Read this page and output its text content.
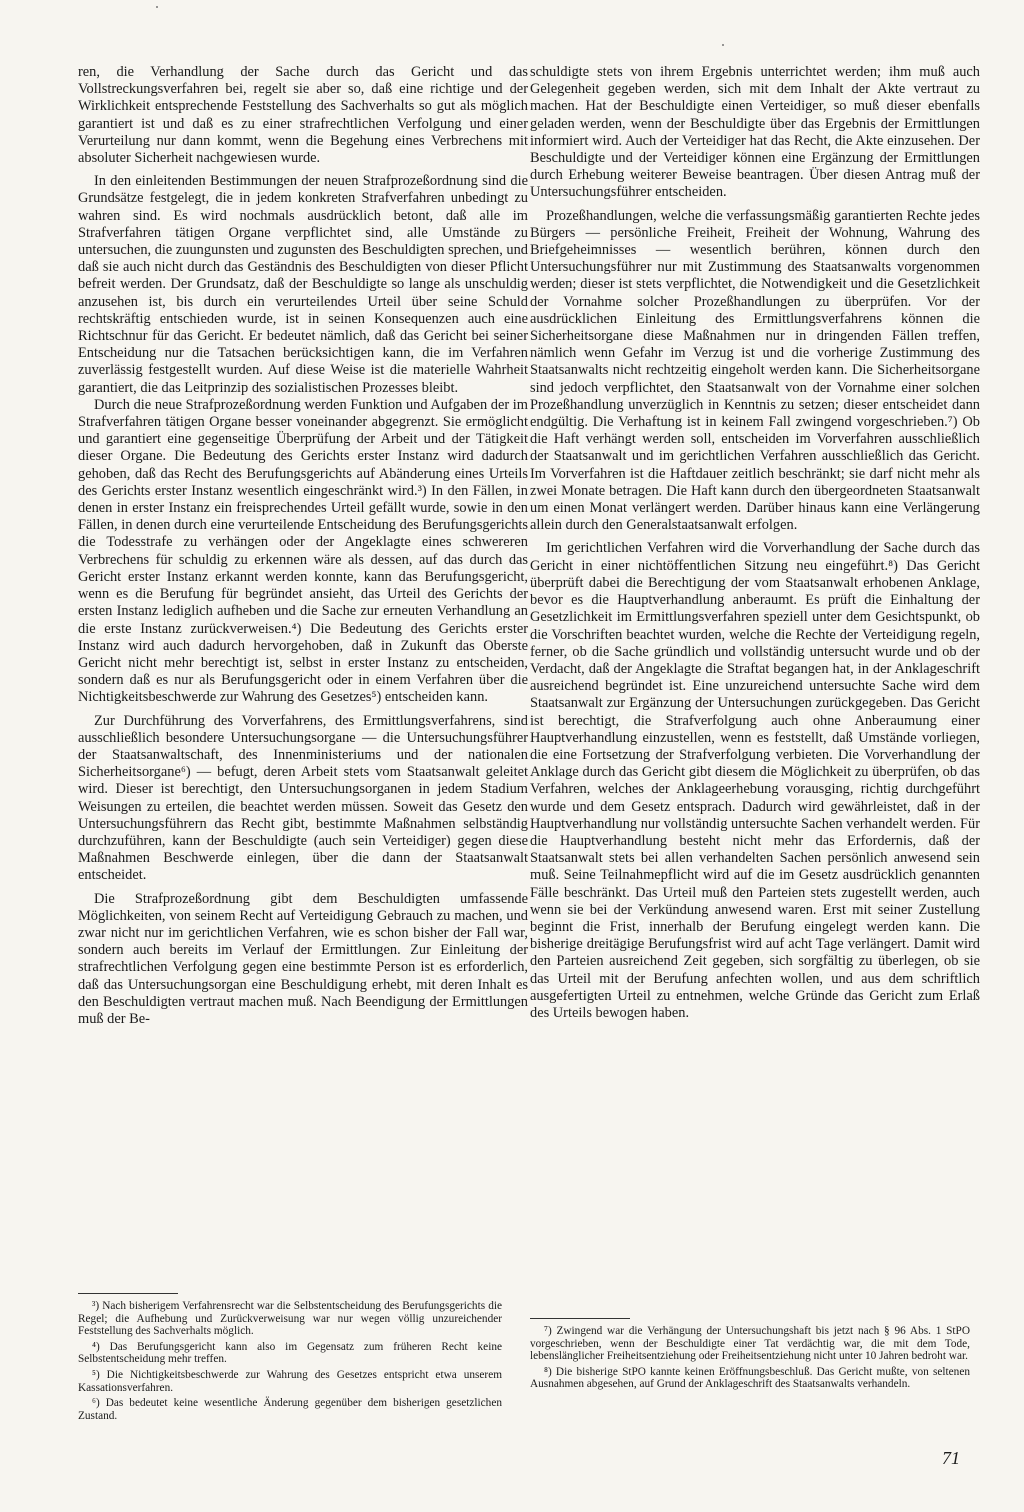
ren, die Verhandlung der Sache durch das Gericht und das Vollstreckungsverfahren bei, regelt sie aber so, daß eine richtige und der Wirklichkeit entsprechende Feststellung des Sachverhalts so gut als möglich garantiert ist und daß es zu einer strafrechtlichen Verfolgung und einer Verurteilung nur dann kommt, wenn die Begehung eines Verbrechens mit absoluter Sicherheit nachgewiesen wurde.

In den einleitenden Bestimmungen der neuen Strafprozeßordnung sind die Grundsätze festgelegt, die in jedem konkreten Strafverfahren unbedingt zu wahren sind. Es wird nochmals ausdrücklich betont, daß alle im Strafverfahren tätigen Organe verpflichtet sind, alle Umstände zu untersuchen, die zuungunsten und zugunsten des Beschuldigten sprechen, und daß sie auch nicht durch das Geständnis des Beschuldigten von dieser Pflicht befreit werden. Der Grundsatz, daß der Beschuldigte so lange als unschuldig anzusehen ist, bis durch ein verurteilendes Urteil über seine Schuld rechtskräftig entschieden wurde, ist in seinen Konsequenzen auch eine Richtschnur für das Gericht. Er bedeutet nämlich, daß das Gericht bei seiner Entscheidung nur die Tatsachen berücksichtigen kann, die im Verfahren zuverlässig festgestellt wurden. Auf diese Weise ist die materielle Wahrheit garantiert, die das Leitprinzip des sozialistischen Prozesses bleibt.

Durch die neue Strafprozeßordnung werden Funktion und Aufgaben der im Strafverfahren tätigen Organe besser voneinander abgegrenzt. Sie ermöglicht und garantiert eine gegenseitige Überprüfung der Arbeit und der Tätigkeit dieser Organe. Die Bedeutung des Gerichts erster Instanz wird dadurch gehoben, daß das Recht des Berufungsgerichts auf Abänderung eines Urteils des Gerichts erster Instanz wesentlich eingeschränkt wird.³) In den Fällen, in denen in erster Instanz ein freisprechendes Urteil gefällt wurde, sowie in den Fällen, in denen durch eine verurteilende Entscheidung des Berufungsgerichts die Todesstrafe zu verhängen oder der Angeklagte eines schwereren Verbrechens für schuldig zu erkennen wäre als dessen, auf das durch das Gericht erster Instanz erkannt werden konnte, kann das Berufungsgericht, wenn es die Berufung für begründet ansieht, das Urteil des Gerichts der ersten Instanz lediglich aufheben und die Sache zur erneuten Verhandlung an die erste Instanz zurückverweisen.⁴) Die Bedeutung des Gerichts erster Instanz wird auch dadurch hervorgehoben, daß in Zukunft das Oberste Gericht nicht mehr berechtigt ist, selbst in erster Instanz zu entscheiden, sondern daß es nur als Berufungsgericht oder in einem Verfahren über die Nichtigkeitsbeschwerde zur Wahrung des Gesetzes⁵) entscheiden kann.

Zur Durchführung des Vorverfahrens, des Ermittlungsverfahrens, sind ausschließlich besondere Untersuchungsorgane — die Untersuchungsführer der Staatsanwaltschaft, des Innenministeriums und der nationalen Sicherheitsorgane⁶) — befugt, deren Arbeit stets vom Staatsanwalt geleitet wird. Dieser ist berechtigt, den Untersuchungsorganen in jedem Stadium Weisungen zu erteilen, die beachtet werden müssen. Soweit das Gesetz den Untersuchungsführern das Recht gibt, bestimmte Maßnahmen selbständig durchzuführen, kann der Beschuldigte (auch sein Verteidiger) gegen diese Maßnahmen Beschwerde einlegen, über die dann der Staatsanwalt entscheidet.

Die Strafprozeßordnung gibt dem Beschuldigten umfassende Möglichkeiten, von seinem Recht auf Verteidigung Gebrauch zu machen, und zwar nicht nur im gerichtlichen Verfahren, wie es schon bisher der Fall war, sondern auch bereits im Verlauf der Ermittlungen. Zur Einleitung der strafrechtlichen Verfolgung gegen eine bestimmte Person ist es erforderlich, daß das Untersuchungsorgan eine Beschuldigung erhebt, mit deren Inhalt es den Beschuldigten vertraut machen muß. Nach Beendigung der Ermittlungen muß der Be-

³) Nach bisherigem Verfahrensrecht war die Selbstentscheidung des Berufungsgerichts die Regel; die Aufhebung und Zurückverweisung war nur wegen völlig unzureichender Feststellung des Sachverhalts möglich.

⁴) Das Berufungsgericht kann also im Gegensatz zum früheren Recht keine Selbstentscheidung mehr treffen.

⁵) Die Nichtigkeitsbeschwerde zur Wahrung des Gesetzes entspricht etwa unserem Kassationsverfahren.

⁶) Das bedeutet keine wesentliche Änderung gegenüber dem bisherigen gesetzlichen Zustand.

schuldigte stets von ihrem Ergebnis unterrichtet werden; ihm muß auch Gelegenheit gegeben werden, sich mit dem Inhalt der Akte vertraut zu machen. Hat der Beschuldigte einen Verteidiger, so muß dieser ebenfalls geladen werden, wenn der Beschuldigte über das Ergebnis der Ermittlungen informiert wird. Auch der Verteidiger hat das Recht, die Akte einzusehen. Der Beschuldigte und der Verteidiger können eine Ergänzung der Ermittlungen durch Erhebung weiterer Beweise beantragen. Über diesen Antrag muß der Untersuchungsführer entscheiden.

Prozeßhandlungen, welche die verfassungsmäßig garantierten Rechte jedes Bürgers — persönliche Freiheit, Freiheit der Wohnung, Wahrung des Briefgeheimnisses — wesentlich berühren, können durch den Untersuchungsführer nur mit Zustimmung des Staatsanwalts vorgenommen werden; dieser ist stets verpflichtet, die Notwendigkeit und die Gesetzlichkeit der Vornahme solcher Prozeßhandlungen zu überprüfen. Vor der ausdrücklichen Einleitung des Ermittlungsverfahrens können die Sicherheitsorgane diese Maßnahmen nur in dringenden Fällen treffen, nämlich wenn Gefahr im Verzug ist und die vorherige Zustimmung des Staatsanwalts nicht rechtzeitig eingeholt werden kann. Die Sicherheitsorgane sind jedoch verpflichtet, den Staatsanwalt von der Vornahme einer solchen Prozeßhandlung unverzüglich in Kenntnis zu setzen; dieser entscheidet dann endgültig. Die Verhaftung ist in keinem Fall zwingend vorgeschrieben.⁷) Ob die Haft verhängt werden soll, entscheiden im Vorverfahren ausschließlich der Staatsanwalt und im gerichtlichen Verfahren ausschließlich das Gericht. Im Vorverfahren ist die Haftdauer zeitlich beschränkt; sie darf nicht mehr als zwei Monate betragen. Die Haft kann durch den übergeordneten Staatsanwalt um einen Monat verlängert werden. Darüber hinaus kann eine Verlängerung allein durch den Generalstaatsanwalt erfolgen.

Im gerichtlichen Verfahren wird die Vorverhandlung der Sache durch das Gericht in einer nichtöffentlichen Sitzung neu eingeführt.⁸) Das Gericht überprüft dabei die Berechtigung der vom Staatsanwalt erhobenen Anklage, bevor es die Hauptverhandlung anberaumt. Es prüft die Einhaltung der Gesetzlichkeit im Ermittlungsverfahren speziell unter dem Gesichtspunkt, ob die Vorschriften beachtet wurden, welche die Rechte der Verteidigung regeln, ferner, ob die Sache gründlich und vollständig untersucht wurde und ob der Verdacht, daß der Angeklagte die Straftat begangen hat, in der Anklageschrift ausreichend begründet ist. Eine unzureichend untersuchte Sache wird dem Staatsanwalt zur Ergänzung der Untersuchungen zurückgegeben. Das Gericht ist berechtigt, die Strafverfolgung auch ohne Anberaumung einer Hauptverhandlung einzustellen, wenn es feststellt, daß Umstände vorliegen, die eine Fortsetzung der Strafverfolgung verbieten. Die Vorverhandlung der Anklage durch das Gericht gibt diesem die Möglichkeit zu überprüfen, ob das Verfahren, welches der Anklageerhebung vorausging, richtig durchgeführt wurde und dem Gesetz entsprach. Dadurch wird gewährleistet, daß in der Hauptverhandlung nur vollständig untersuchte Sachen verhandelt werden. Für die Hauptverhandlung besteht nicht mehr das Erfordernis, daß der Staatsanwalt stets bei allen verhandelten Sachen persönlich anwesend sein muß. Seine Teilnahmepflicht wird auf die im Gesetz ausdrücklich genannten Fälle beschränkt. Das Urteil muß den Parteien stets zugestellt werden, auch wenn sie bei der Verkündung anwesend waren. Erst mit seiner Zustellung beginnt die Frist, innerhalb der Berufung eingelegt werden kann. Die bisherige dreitägige Berufungsfrist wird auf acht Tage verlängert. Damit wird den Parteien ausreichend Zeit gegeben, sich sorgfältig zu überlegen, ob sie das Urteil mit der Berufung anfechten wollen, und aus dem schriftlich ausgefertigten Urteil zu entnehmen, welche Gründe das Gericht zum Erlaß des Urteils bewogen haben.

⁷) Zwingend war die Verhängung der Untersuchungshaft bis jetzt nach § 96 Abs. 1 StPO vorgeschrieben, wenn der Beschuldigte einer Tat verdächtig war, die mit dem Tode, lebenslänglicher Freiheitsentziehung oder Freiheitsentziehung nicht unter 10 Jahren bedroht war.

⁸) Die bisherige StPO kannte keinen Eröffnungsbeschluß. Das Gericht mußte, von seltenen Ausnahmen abgesehen, auf Grund der Anklageschrift des Staatsanwalts verhandeln.

71
